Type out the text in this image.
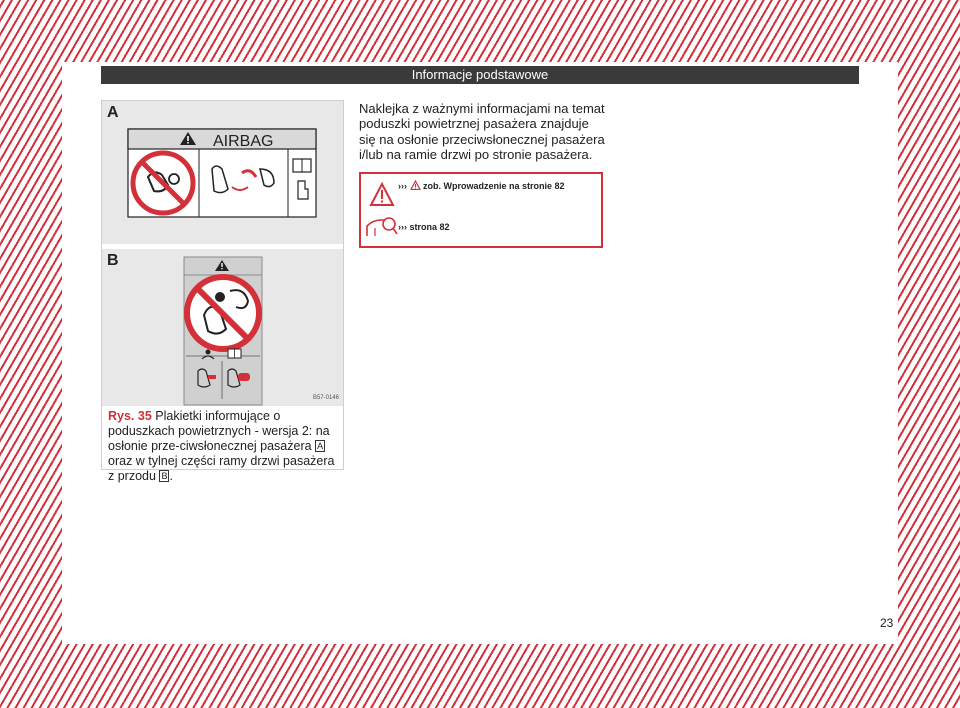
Informacje podstawowe
A
AIRBAG
B
B57-0146
Rys. 35 Plakietki informujące o poduszkach powietrznych - wersja 2: na osłonie prze-ciwsłonecznej pasażera A oraz w tylnej części ramy drzwi pasażera z przodu B .
Naklejka z ważnymi informacjami na temat poduszki powietrznej pasażera znajduje się na osłonie przeciwsłonecznej pasażera i/lub na ramie drzwi po stronie pasażera.
››› zob. Wprowadzenie na stronie 82
››› strona 82
23
